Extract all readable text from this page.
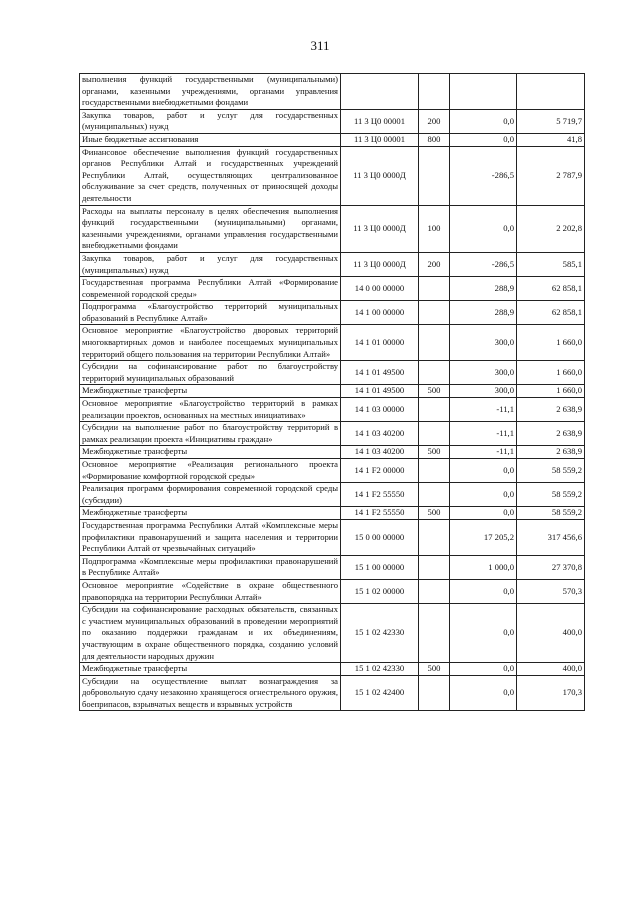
311
выполнения функций государственными (муниципальными) органами, казенными учреждениями, органами управления государственными внебюджетными фондами				
Закупка товаров, работ и услуг для государственных (муниципальных) нужд	11 3 Ц0 00001	200	0,0	5 719,7
Иные бюджетные ассигнования	11 3 Ц0 00001	800	0,0	41,8
Финансовое обеспечение выполнения функций государственных органов Республики Алтай и государственных учреждений Республики Алтай, осуществляющих централизованное обслуживание за счет средств, полученных от приносящей доходы деятельности	11 3 Ц0 0000Д		-286,5	2 787,9
Расходы на выплаты персоналу в целях обеспечения выполнения функций государственными (муниципальными) органами, казенными учреждениями, органами управления государственными внебюджетными фондами	11 3 Ц0 0000Д	100	0,0	2 202,8
Закупка товаров, работ и услуг для государственных (муниципальных) нужд	11 3 Ц0 0000Д	200	-286,5	585,1
Государственная программа Республики Алтай «Формирование современной городской среды»	14 0 00 00000		288,9	62 858,1
Подпрограмма «Благоустройство территорий муниципальных образований в Республике Алтай»	14 1 00 00000		288,9	62 858,1
Основное мероприятие «Благоустройство дворовых территорий многоквартирных домов и наиболее посещаемых муниципальных территорий общего пользования на территории Республики Алтай»	14 1 01 00000		300,0	1 660,0
Субсидии на софинансирование работ по благоустройству территорий муниципальных образований	14 1 01 49500		300,0	1 660,0
Межбюджетные трансферты	14 1 01 49500	500	300,0	1 660,0
Основное мероприятие «Благоустройство территорий в рамках реализации проектов, основанных на местных инициативах»	14 1 03 00000		-11,1	2 638,9
Субсидии на выполнение работ по благоустройству территорий в рамках реализации проекта «Инициативы граждан»	14 1 03 40200		-11,1	2 638,9
Межбюджетные трансферты	14 1 03 40200	500	-11,1	2 638,9
Основное мероприятие «Реализация регионального проекта «Формирование комфортной городской среды»	14 1 F2 00000		0,0	58 559,2
Реализация программ формирования современной городской среды (субсидии)	14 1 F2 55550		0,0	58 559,2
Межбюджетные трансферты	14 1 F2 55550	500	0,0	58 559,2
Государственная программа Республики Алтай «Комплексные меры профилактики правонарушений и защита населения и территории Республики Алтай от чрезвычайных ситуаций»	15 0 00 00000		17 205,2	317 456,6
Подпрограмма «Комплексные меры профилактики правонарушений в Республике Алтай»	15 1 00 00000		1 000,0	27 370,8
Основное мероприятие «Содействие в охране общественного правопорядка на территории Республики Алтай»	15 1 02 00000		0,0	570,3
Субсидии на софинансирование расходных обязательств, связанных с участием муниципальных образований в проведении мероприятий по оказанию поддержки гражданам и их объединениям, участвующим в охране общественного порядка, созданию условий для деятельности народных дружин	15 1 02 42330		0,0	400,0
Межбюджетные трансферты	15 1 02 42330	500	0,0	400,0
Субсидии на осуществление выплат вознаграждения за добровольную сдачу незаконно хранящегося огнестрельного оружия, боеприпасов, взрывчатых веществ и взрывных устройств	15 1 02 42400		0,0	170,3
